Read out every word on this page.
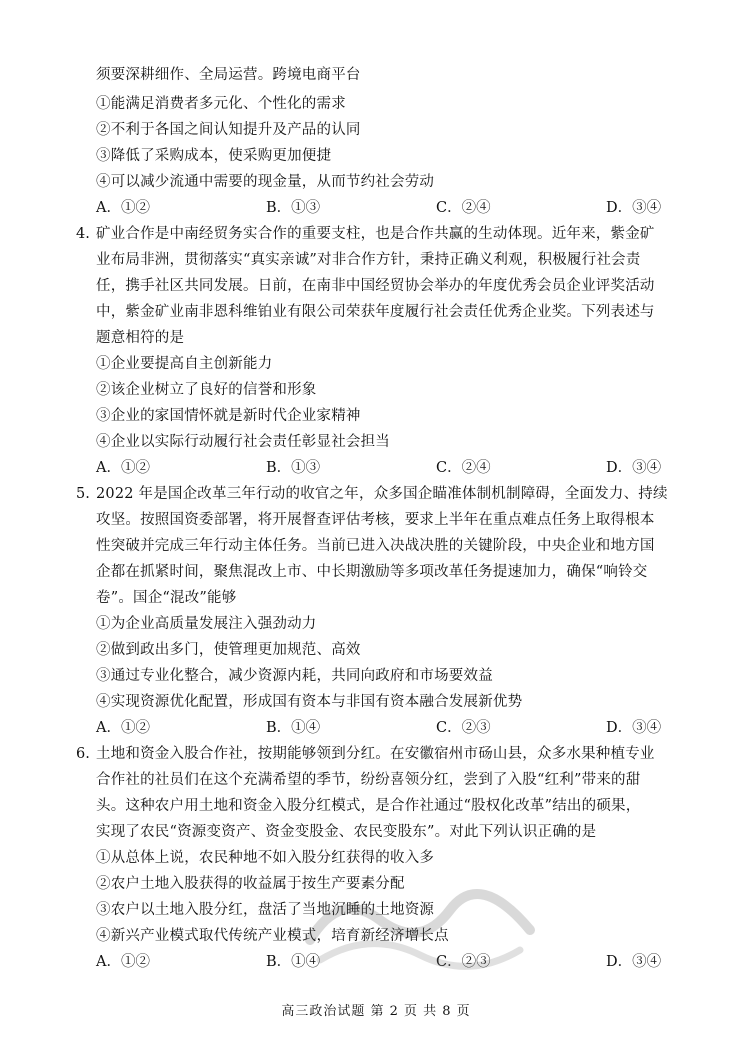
须要深耕细作、全局运营。跨境电商平台
①能满足消费者多元化、个性化的需求
②不利于各国之间认知提升及产品的认同
③降低了采购成本，使采购更加便捷
④可以减少流通中需要的现金量，从而节约社会劳动
A．①②	B．①③	C．②④	D．③④
4. 矿业合作是中南经贸务实合作的重要支柱，也是合作共赢的生动体现。近年来，紫金矿
业布局非洲，贯彻落实“真实亲诚”对非合作方针，秉持正确义利观，积极履行社会责
任，携手社区共同发展。日前，在南非中国经贸协会举办的年度优秀会员企业评奖活动
中，紫金矿业南非恩科维铂业有限公司荣获年度履行社会责任优秀企业奖。下列表述与
题意相符的是
①企业要提高自主创新能力
②该企业树立了良好的信誉和形象
③企业的家国情怀就是新时代企业家精神
④企业以实际行动履行社会责任彰显社会担当
A．①②	B．①③	C．②④	D．③④
5. 2022 年是国企改革三年行动的收官之年，众多国企瞄准体制机制障碍，全面发力、持续
攻坚。按照国资委部署，将开展督查评估考核，要求上半年在重点难点任务上取得根本
性突破并完成三年行动主体任务。当前已进入决战决胜的关键阶段，中央企业和地方国
企都在抓紧时间，聚焦混改上市、中长期激励等多项改革任务提速加力，确保“响铃交
卷”。国企“混改”能够
①为企业高质量发展注入强劲动力
②做到政出多门，使管理更加规范、高效
③通过专业化整合，减少资源内耗，共同向政府和市场要效益
④实现资源优化配置，形成国有资本与非国有资本融合发展新优势
A．①②	B．①④	C．②③	D．③④
6. 土地和资金入股合作社，按期能够领到分红。在安徽宿州市砀山县，众多水果种植专业
合作社的社员们在这个充满希望的季节，纷纷喜领分红，尝到了入股“红利”带来的甜
头。这种农户用土地和资金入股分红模式，是合作社通过“股权化改革”结出的硕果，
实现了农民“资源变资产、资金变股金、农民变股东”。对此下列认识正确的是
①从总体上说，农民种地不如入股分红获得的收入多
②农户土地入股获得的收益属于按生产要素分配
③农户以土地入股分红，盘活了当地沉睡的土地资源
④新兴产业模式取代传统产业模式，培育新经济增长点
A．①②	B．①④	C．②③	D．③④
高三政治试题 第 2 页 共 8 页
